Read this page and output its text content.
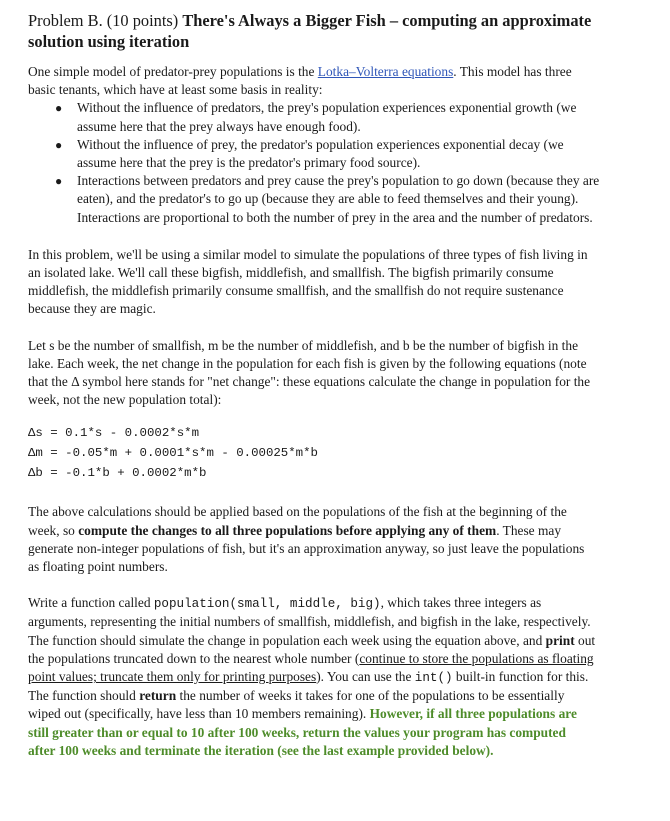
Problem B. (10 points) There's Always a Bigger Fish – computing an approximate
solution using iteration

One simple model of predator-prey populations is the Lotka–Volterra equations. This model has three
basic tenants, which have at least some basis in reality:

● Without the influence of predators, the prey's population experiences exponential growth (we
assume here that the prey always have enough food).
● Without the influence of prey, the predator's population experiences exponential decay (we
assume here that the prey is the predator's primary food source).
● Interactions between predators and prey cause the prey's population to go down (because they are
eaten), and the predator's to go up (because they are able to feed themselves and their young).
Interactions are proportional to both the number of prey in the area and the number of predators.

In this problem, we'll be using a similar model to simulate the populations of three types of fish living in
an isolated lake. We'll call these bigfish, middlefish, and smallfish. The bigfish primarily consume
middlefish, the middlefish primarily consume smallfish, and the smallfish do not require sustenance
because they are magic.

Let s be the number of smallfish, m be the number of middlefish, and b be the number of bigfish in the
lake. Each week, the net change in the population for each fish is given by the following equations (note
that the Δ symbol here stands for "net change": these equations calculate the change in population for the
week, not the new population total):

Δs = 0.1*s - 0.0002*s*m
Δm = -0.05*m + 0.0001*s*m - 0.00025*m*b
Δb = -0.1*b + 0.0002*m*b

The above calculations should be applied based on the populations of the fish at the beginning of the
week, so compute the changes to all three populations before applying any of them. These may
generate non-integer populations of fish, but it's an approximation anyway, so just leave the populations
as floating point numbers.

Write a function called population(small, middle, big), which takes three integers as
arguments, representing the initial numbers of smallfish, middlefish, and bigfish in the lake, respectively.
The function should simulate the change in population each week using the equation above, and print out
the populations truncated down to the nearest whole number (continue to store the populations as floating
point values; truncate them only for printing purposes). You can use the int() built-in function for this.
The function should return the number of weeks it takes for one of the populations to be essentially
wiped out (specifically, have less than 10 members remaining). However, if all three populations are
still greater than or equal to 10 after 100 weeks, return the values your program has computed
after 100 weeks and terminate the iteration (see the last example provided below).
